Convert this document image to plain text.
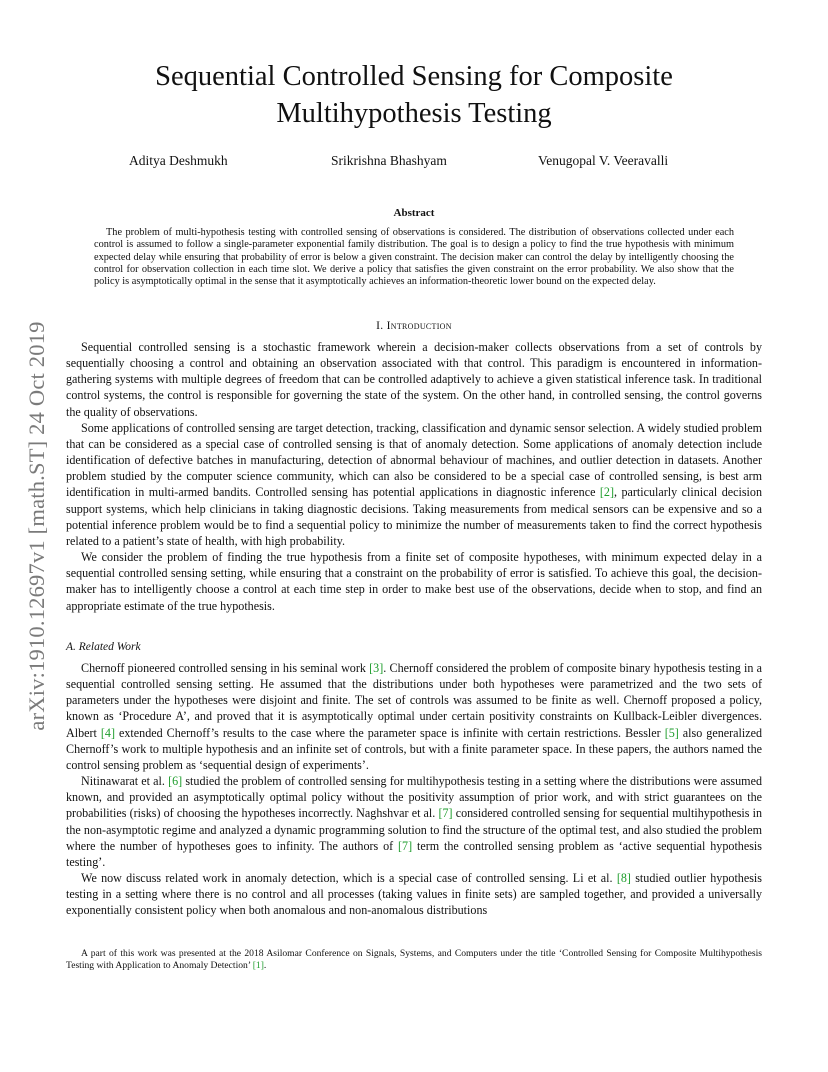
arXiv:1910.12697v1 [math.ST] 24 Oct 2019
Sequential Controlled Sensing for Composite
Multihypothesis Testing
Aditya Deshmukh	Srikrishna Bhashyam	Venugopal V. Veeravalli
Abstract

The problem of multi-hypothesis testing with controlled sensing of observations is considered. The distribution of observations collected under each control is assumed to follow a single-parameter exponential family distribution. The goal is to design a policy to find the true hypothesis with minimum expected delay while ensuring that probability of error is below a given constraint. The decision maker can control the delay by intelligently choosing the control for observation collection in each time slot. We derive a policy that satisfies the given constraint on the error probability. We also show that the policy is asymptotically optimal in the sense that it asymptotically achieves an information-theoretic lower bound on the expected delay.

I. Introduction

Sequential controlled sensing is a stochastic framework wherein a decision-maker collects observations from a set of controls by sequentially choosing a control and obtaining an observation associated with that control. This paradigm is encountered in information-gathering systems with multiple degrees of freedom that can be controlled adaptively to achieve a given statistical inference task. In traditional control systems, the control is responsible for governing the state of the system. On the other hand, in controlled sensing, the control governs the quality of observations.

Some applications of controlled sensing are target detection, tracking, classification and dynamic sensor selection. A widely studied problem that can be considered as a special case of controlled sensing is that of anomaly detection. Some applications of anomaly detection include identification of defective batches in manufacturing, detection of abnormal behaviour of machines, and outlier detection in datasets. Another problem studied by the computer science community, which can also be considered to be a special case of controlled sensing, is best arm identification in multi-armed bandits. Controlled sensing has potential applications in diagnostic inference [2], particularly clinical decision support systems, which help clinicians in taking diagnostic decisions. Taking measurements from medical sensors can be expensive and so a potential inference problem would be to find a sequential policy to minimize the number of measurements taken to find the correct hypothesis related to a patient’s state of health, with high probability.

We consider the problem of finding the true hypothesis from a finite set of composite hypotheses, with minimum expected delay in a sequential controlled sensing setting, while ensuring that a constraint on the probability of error is satisfied. To achieve this goal, the decision-maker has to intelligently choose a control at each time step in order to make best use of the observations, decide when to stop, and find an appropriate estimate of the true hypothesis.

A. Related Work

Chernoff pioneered controlled sensing in his seminal work [3]. Chernoff considered the problem of composite binary hypothesis testing in a sequential controlled sensing setting. He assumed that the distributions under both hypotheses were parametrized and the two sets of parameters under the hypotheses were disjoint and finite. The set of controls was assumed to be finite as well. Chernoff proposed a policy, known as ‘Procedure A’, and proved that it is asymptotically optimal under certain positivity constraints on Kullback-Leibler divergences. Albert [4] extended Chernoff’s results to the case where the parameter space is infinite with certain restrictions. Bessler [5] also generalized Chernoff’s work to multiple hypothesis and an infinite set of controls, but with a finite parameter space. In these papers, the authors named the control sensing problem as ‘sequential design of experiments’.

Nitinawarat et al. [6] studied the problem of controlled sensing for multihypothesis testing in a setting where the distributions were assumed known, and provided an asymptotically optimal policy without the positivity assumption of prior work, and with strict guarantees on the probabilities (risks) of choosing the hypotheses incorrectly. Naghshvar et al. [7] considered controlled sensing for sequential multihypothesis in the non-asymptotic regime and analyzed a dynamic programming solution to find the structure of the optimal test, and also studied the problem where the number of hypotheses goes to infinity. The authors of [7] term the controlled sensing problem as ‘active sequential hypothesis testing’.

We now discuss related work in anomaly detection, which is a special case of controlled sensing. Li et al. [8] studied outlier hypothesis testing in a setting where there is no control and all processes (taking values in finite sets) are sampled together, and provided a universally exponentially consistent policy when both anomalous and non-anomalous distributions

A part of this work was presented at the 2018 Asilomar Conference on Signals, Systems, and Computers under the title ‘Controlled Sensing for Composite Multihypothesis Testing with Application to Anomaly Detection’ [1].
